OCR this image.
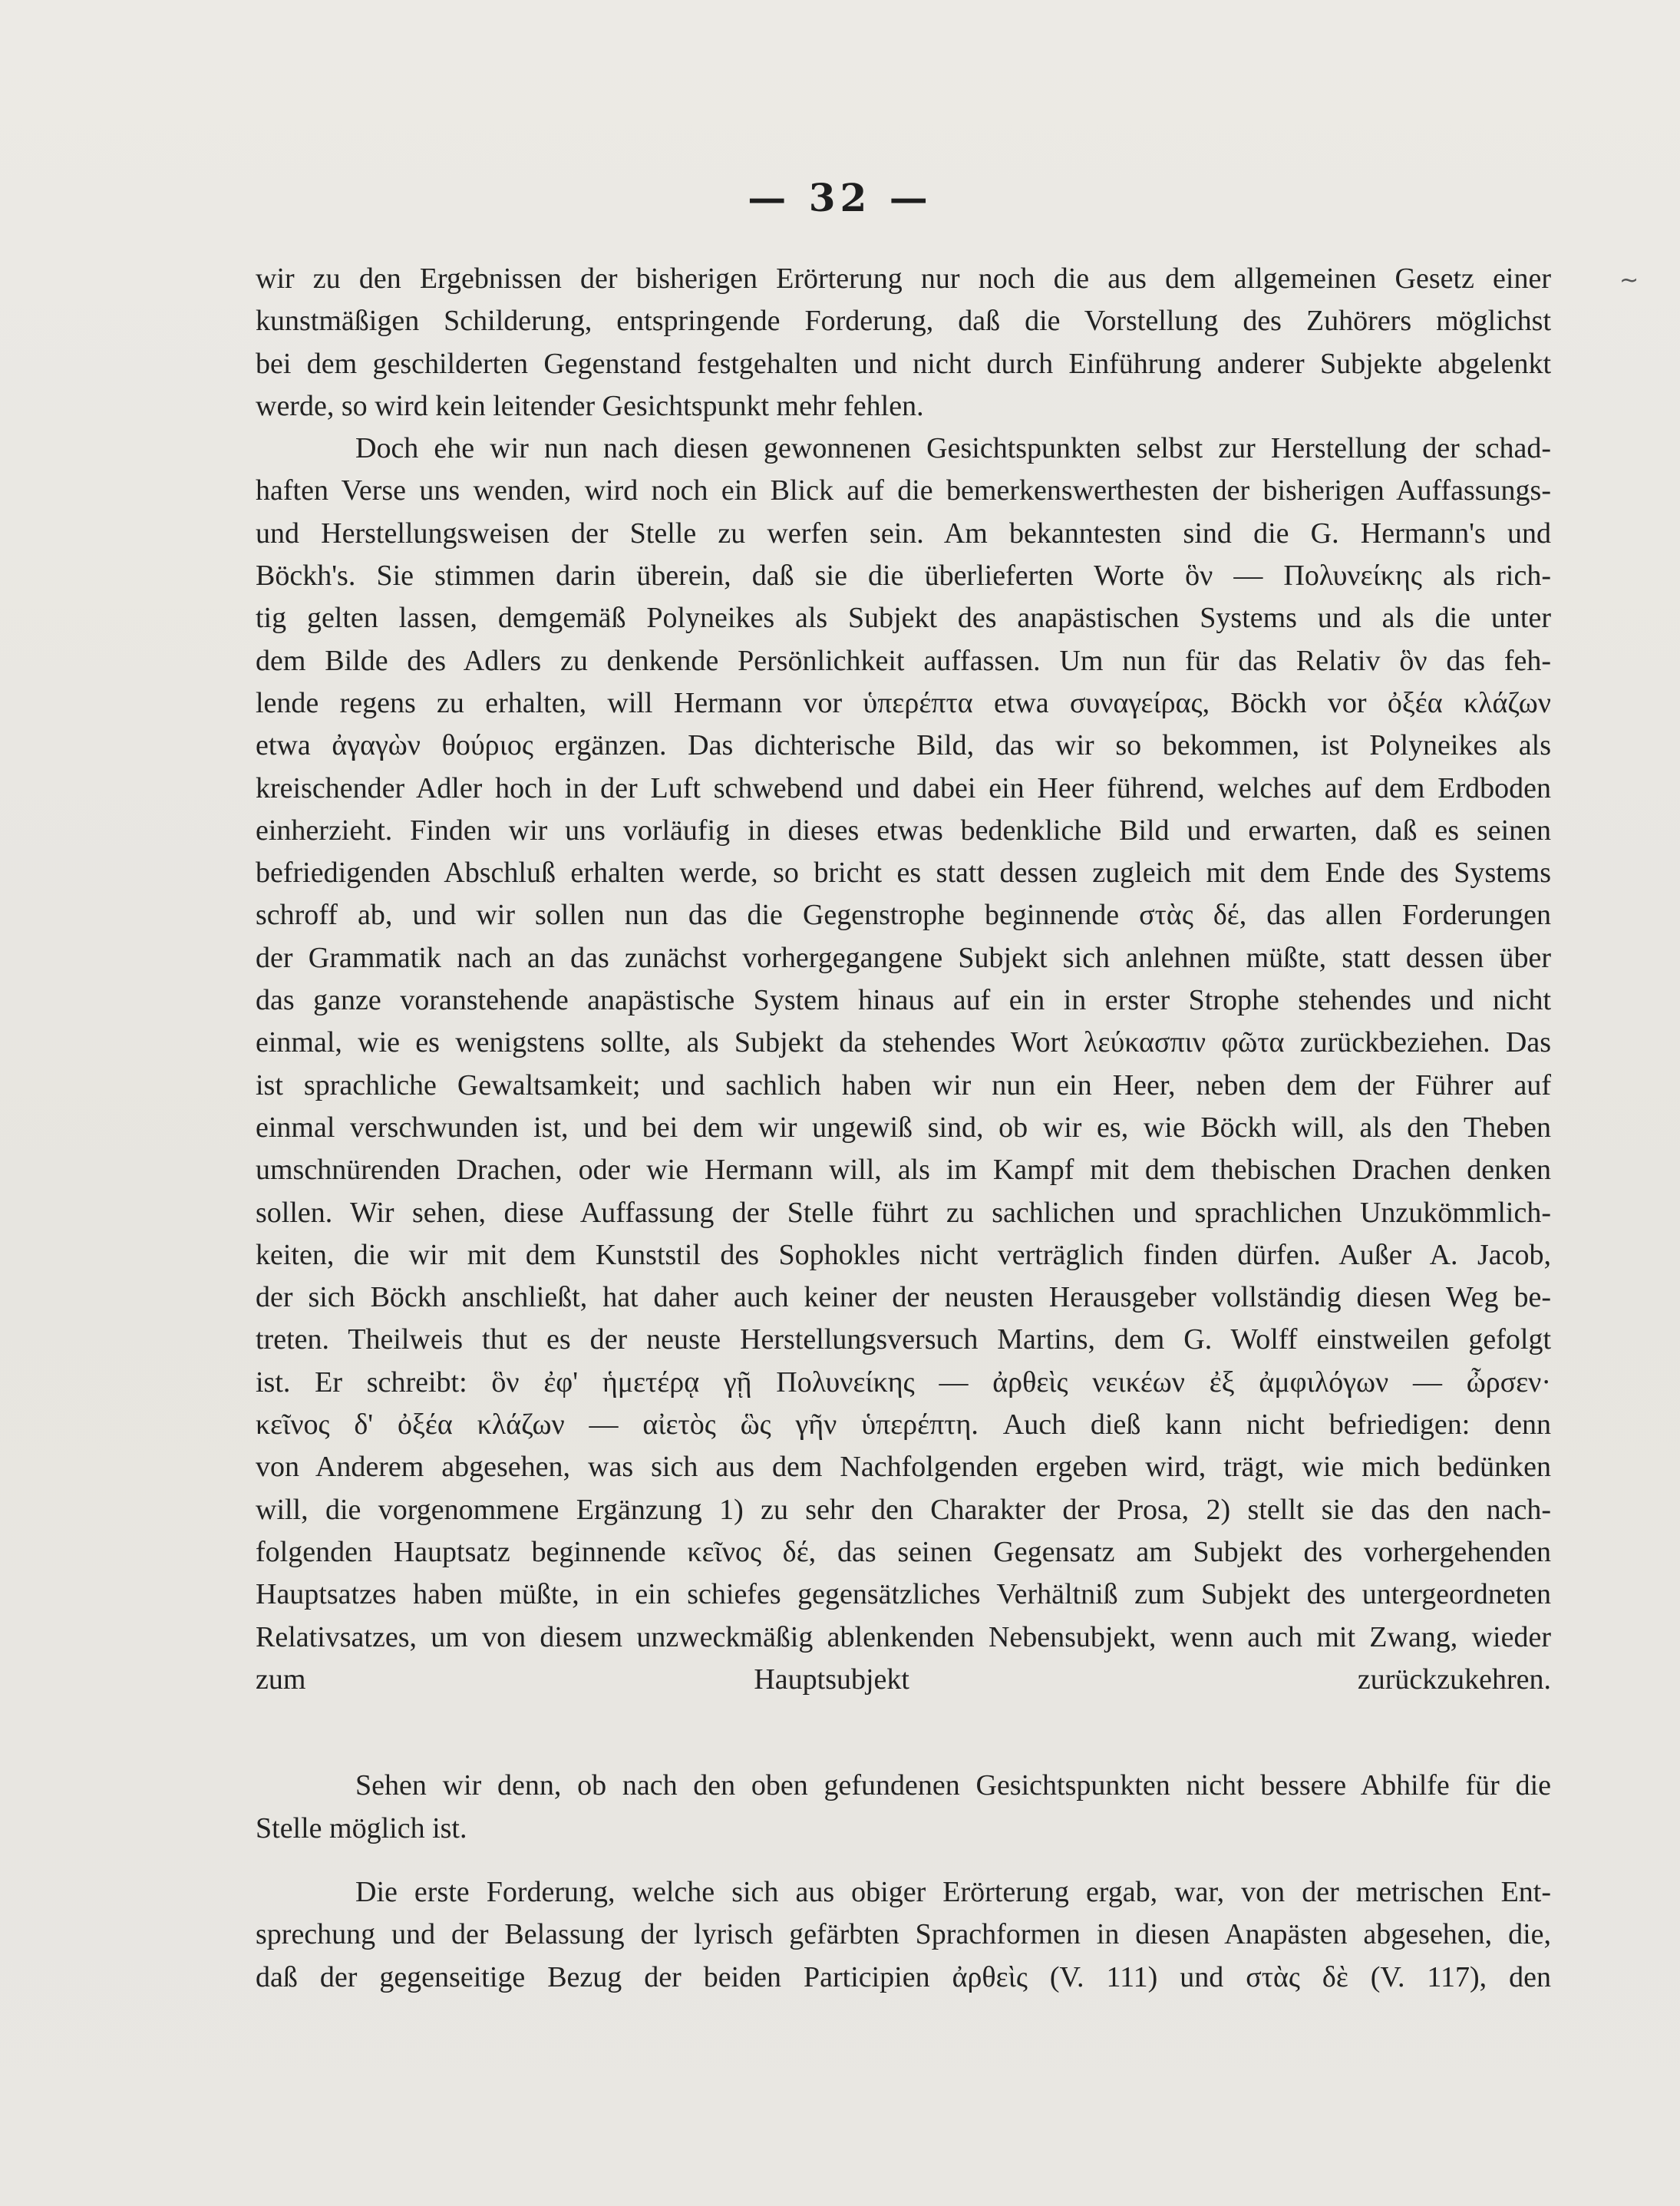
— 32 —
wir zu den Ergebnissen der bisherigen Erörterung nur noch die aus dem allgemeinen Gesetz einer
kunstmäßigen Schilderung, entspringende Forderung, daß die Vorstellung des Zuhörers möglichst
bei dem geschilderten Gegenstand festgehalten und nicht durch Einführung anderer Subjekte abgelenkt
werde, so wird kein leitender Gesichtspunkt mehr fehlen.
Doch ehe wir nun nach diesen gewonnenen Gesichtspunkten selbst zur Herstellung der schad-
haften Verse uns wenden, wird noch ein Blick auf die bemerkenswerthesten der bisherigen Auffassungs-
und Herstellungsweisen der Stelle zu werfen sein. Am bekanntesten sind die G. Hermann's und
Böckh's. Sie stimmen darin überein, daß sie die überlieferten Worte ὃν — Πολυνείκης als rich-
tig gelten lassen, demgemäß Polyneikes als Subjekt des anapästischen Systems und als die unter
dem Bilde des Adlers zu denkende Persönlichkeit auffassen. Um nun für das Relativ ὃν das feh-
lende regens zu erhalten, will Hermann vor ὑπερέπτα etwa συναγείρας, Böckh vor ὀξέα κλάζων
etwa ἀγαγὼν θούριος ergänzen. Das dichterische Bild, das wir so bekommen, ist Polyneikes als
kreischender Adler hoch in der Luft schwebend und dabei ein Heer führend, welches auf dem Erdboden
einherzieht. Finden wir uns vorläufig in dieses etwas bedenkliche Bild und erwarten, daß es seinen
befriedigenden Abschluß erhalten werde, so bricht es statt dessen zugleich mit dem Ende des Systems
schroff ab, und wir sollen nun das die Gegenstrophe beginnende στὰς δέ, das allen Forderungen
der Grammatik nach an das zunächst vorhergegangene Subjekt sich anlehnen müßte, statt dessen über
das ganze voranstehende anapästische System hinaus auf ein in erster Strophe stehendes und nicht
einmal, wie es wenigstens sollte, als Subjekt da stehendes Wort λεύκασπιν φῶτα zurückbeziehen. Das
ist sprachliche Gewaltsamkeit; und sachlich haben wir nun ein Heer, neben dem der Führer auf
einmal verschwunden ist, und bei dem wir ungewiß sind, ob wir es, wie Böckh will, als den Theben
umschnürenden Drachen, oder wie Hermann will, als im Kampf mit dem thebischen Drachen denken
sollen. Wir sehen, diese Auffassung der Stelle führt zu sachlichen und sprachlichen Unzukömmlich-
keiten, die wir mit dem Kunststil des Sophokles nicht verträglich finden dürfen. Außer A. Jacob,
der sich Böckh anschließt, hat daher auch keiner der neusten Herausgeber vollständig diesen Weg be-
treten. Theilweis thut es der neuste Herstellungsversuch Martins, dem G. Wolff einstweilen gefolgt
ist. Er schreibt: ὃν ἐφ' ἡμετέρᾳ γῇ Πολυνείκης — ἀρθεὶς νεικέων ἐξ ἀμφιλόγων — ὦρσεν·
κεῖνος δ' ὀξέα κλάζων — αἰετὸς ὣς γῆν ὑπερέπτη. Auch dieß kann nicht befriedigen: denn
von Anderem abgesehen, was sich aus dem Nachfolgenden ergeben wird, trägt, wie mich bedünken
will, die vorgenommene Ergänzung 1) zu sehr den Charakter der Prosa, 2) stellt sie das den nach-
folgenden Hauptsatz beginnende κεῖνος δέ, das seinen Gegensatz am Subjekt des vorhergehenden
Hauptsatzes haben müßte, in ein schiefes gegensätzliches Verhältniß zum Subjekt des untergeordneten
Relativsatzes, um von diesem unzweckmäßig ablenkenden Nebensubjekt, wenn auch mit Zwang, wieder
zum Hauptsubjekt zurückzukehren.
Sehen wir denn, ob nach den oben gefundenen Gesichtspunkten nicht bessere Abhilfe für die
Stelle möglich ist.
Die erste Forderung, welche sich aus obiger Erörterung ergab, war, von der metrischen Ent-
sprechung und der Belassung der lyrisch gefärbten Sprachformen in diesen Anapästen abgesehen, die,
daß der gegenseitige Bezug der beiden Participien ἀρθεὶς (V. 111) und στὰς δὲ (V. 117), den
~
